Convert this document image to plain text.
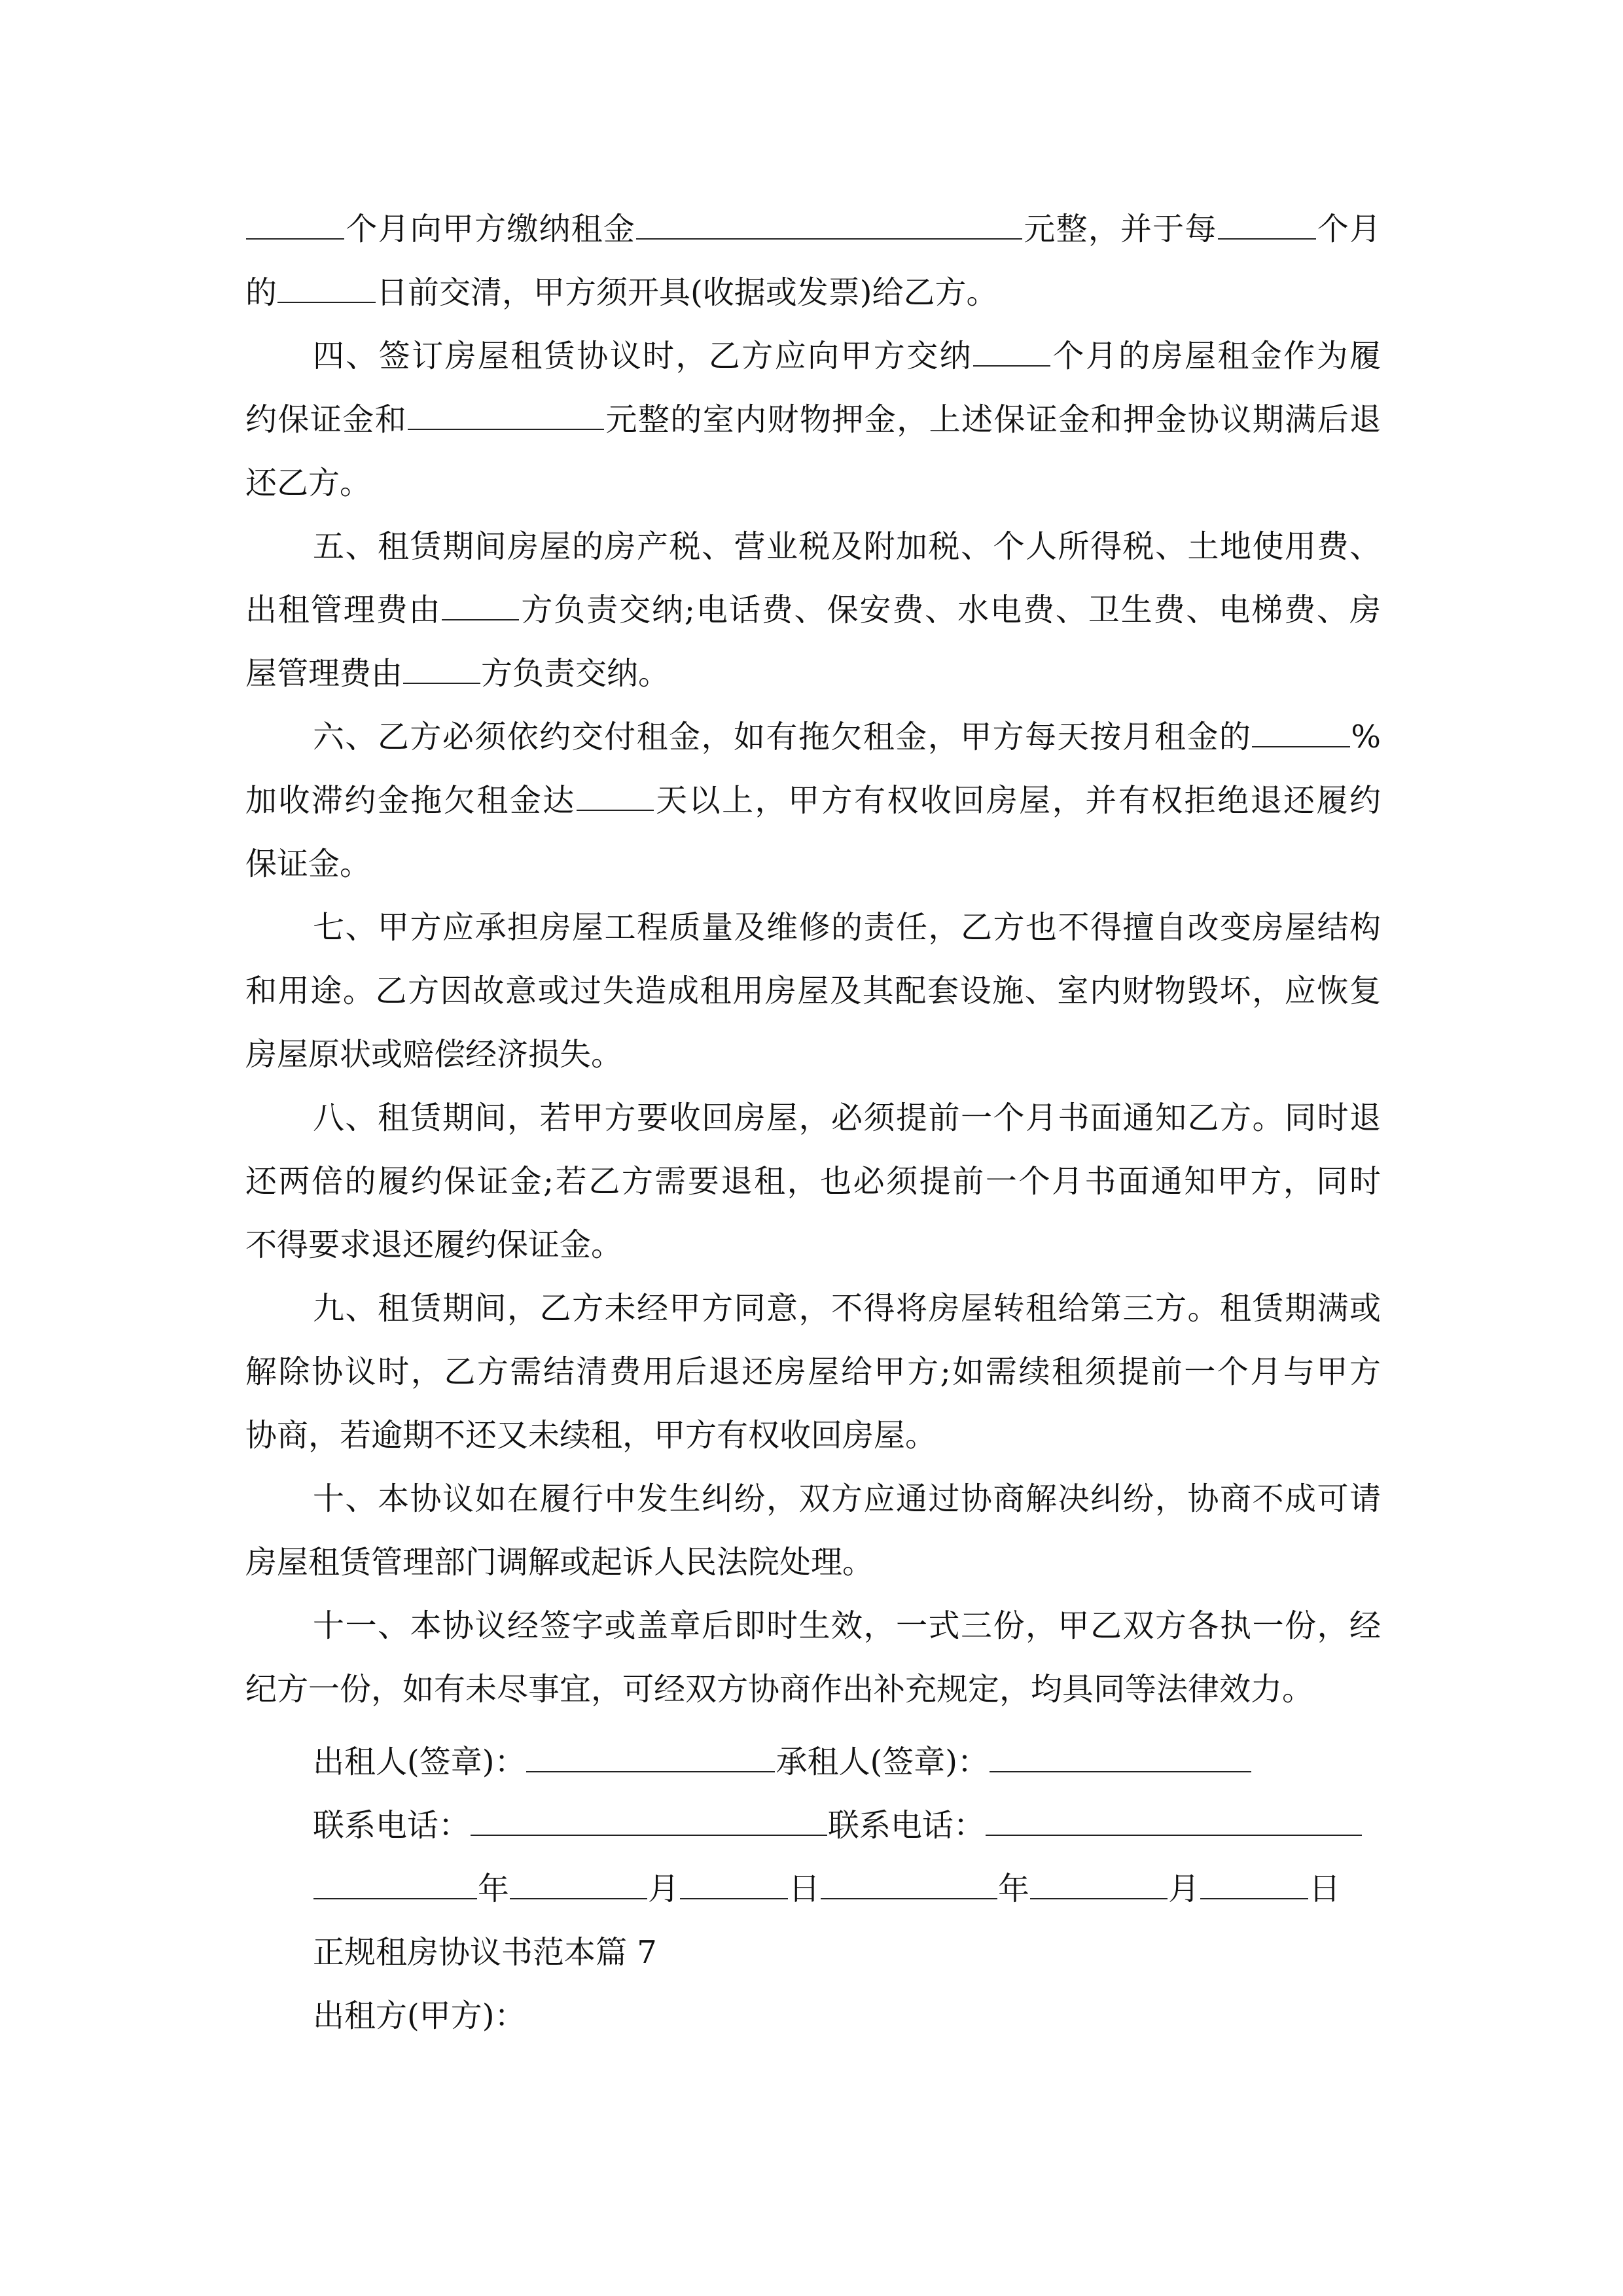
个月向甲方缴纳租金	元整，并于每	个月
的	日前交清，甲方须开具(收据或发票)给乙方。
四、签订房屋租赁协议时，乙方应向甲方交纳	个月的房屋租金作为履
约保证金和	元整的室内财物押金，上述保证金和押金协议期满后退
还乙方。
五、租赁期间房屋的房产税、营业税及附加税、个人所得税、土地使用费、
出租管理费由	方负责交纳;电话费、保安费、水电费、卫生费、电梯费、房
屋管理费由	方负责交纳。
六、乙方必须依约交付租金，如有拖欠租金，甲方每天按月租金的	%
加收滞约金拖欠租金达	天以上，甲方有权收回房屋，并有权拒绝退还履约
保证金。
七、甲方应承担房屋工程质量及维修的责任，乙方也不得擅自改变房屋结构
和用途。乙方因故意或过失造成租用房屋及其配套设施、室内财物毁坏，应恢复
房屋原状或赔偿经济损失。
八、租赁期间，若甲方要收回房屋，必须提前一个月书面通知乙方。同时退
还两倍的履约保证金;若乙方需要退租，也必须提前一个月书面通知甲方，同时
不得要求退还履约保证金。
九、租赁期间，乙方未经甲方同意，不得将房屋转租给第三方。租赁期满或
解除协议时，乙方需结清费用后退还房屋给甲方;如需续租须提前一个月与甲方
协商，若逾期不还又未续租，甲方有权收回房屋。
十、本协议如在履行中发生纠纷，双方应通过协商解决纠纷，协商不成可请
房屋租赁管理部门调解或起诉人民法院处理。
十一、本协议经签字或盖章后即时生效，一式三份，甲乙双方各执一份，经
纪方一份，如有未尽事宜，可经双方协商作出补充规定，均具同等法律效力。
出租人(签章)：	承租人(签章)：
联系电话：	联系电话：
年	月	日	年	月	日
正规租房协议书范本篇 7
出租方(甲方)：
